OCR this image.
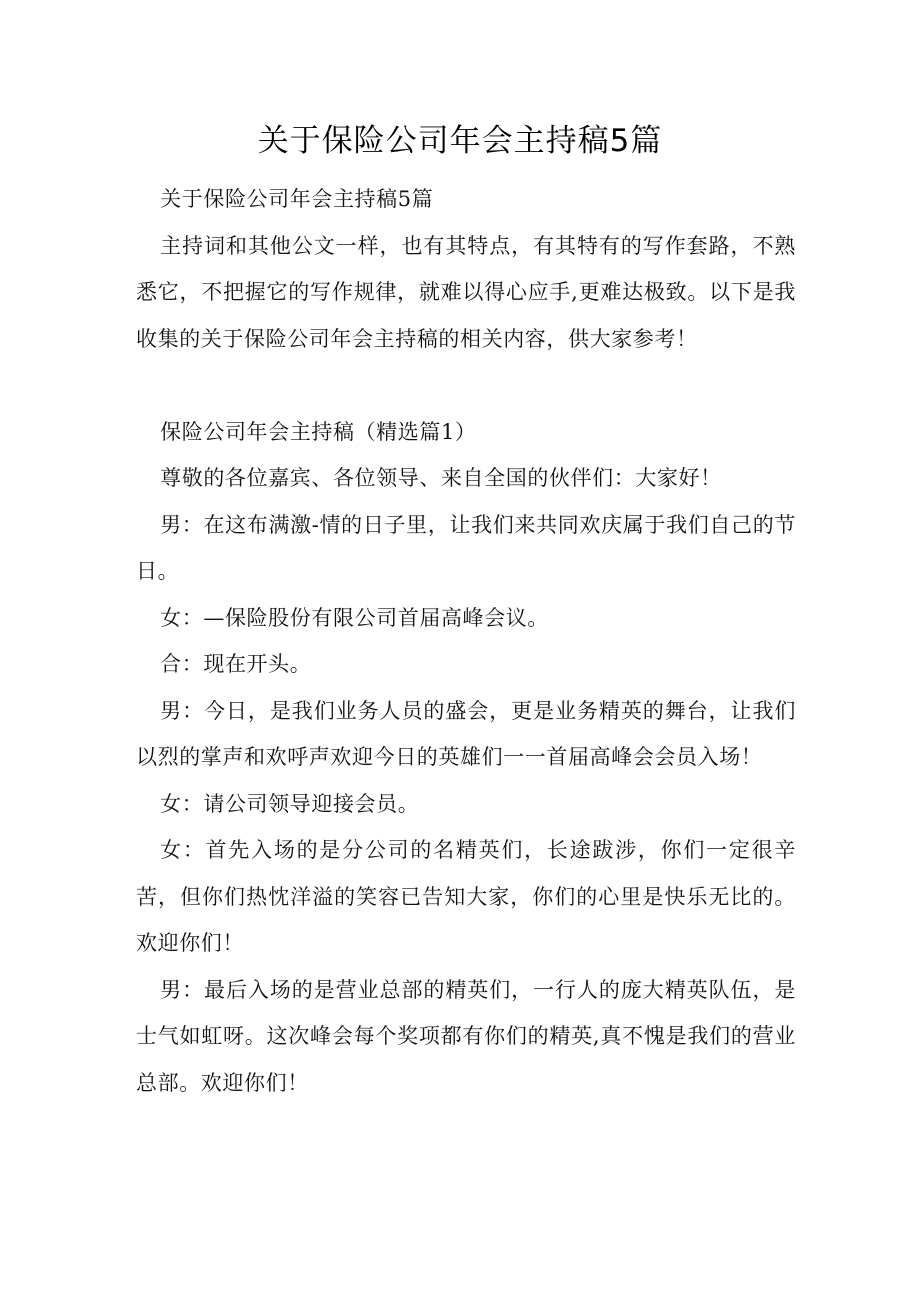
关于保险公司年会主持稿5篇

关于保险公司年会主持稿5篇

主持词和其他公文一样，也有其特点，有其特有的写作套路，不熟悉它，不把握它的写作规律，就难以得心应手,更难达极致。以下是我收集的关于保险公司年会主持稿的相关内容，供大家参考！

保险公司年会主持稿（精选篇1）

尊敬的各位嘉宾、各位领导、来自全国的伙伴们：大家好！

男：在这布满激-情的日子里，让我们来共同欢庆属于我们自己的节日。

女：—保险股份有限公司首届高峰会议。

合：现在开头。

男：今日，是我们业务人员的盛会，更是业务精英的舞台，让我们以烈的掌声和欢呼声欢迎今日的英雄们一一首届高峰会会员入场！

女：请公司领导迎接会员。

女：首先入场的是分公司的名精英们，长途跋涉，你们一定很辛苦，但你们热忱洋溢的笑容已告知大家，你们的心里是快乐无比的。欢迎你们！

男：最后入场的是营业总部的精英们，一行人的庞大精英队伍，是士气如虹呀。这次峰会每个奖项都有你们的精英,真不愧是我们的营业总部。欢迎你们！
